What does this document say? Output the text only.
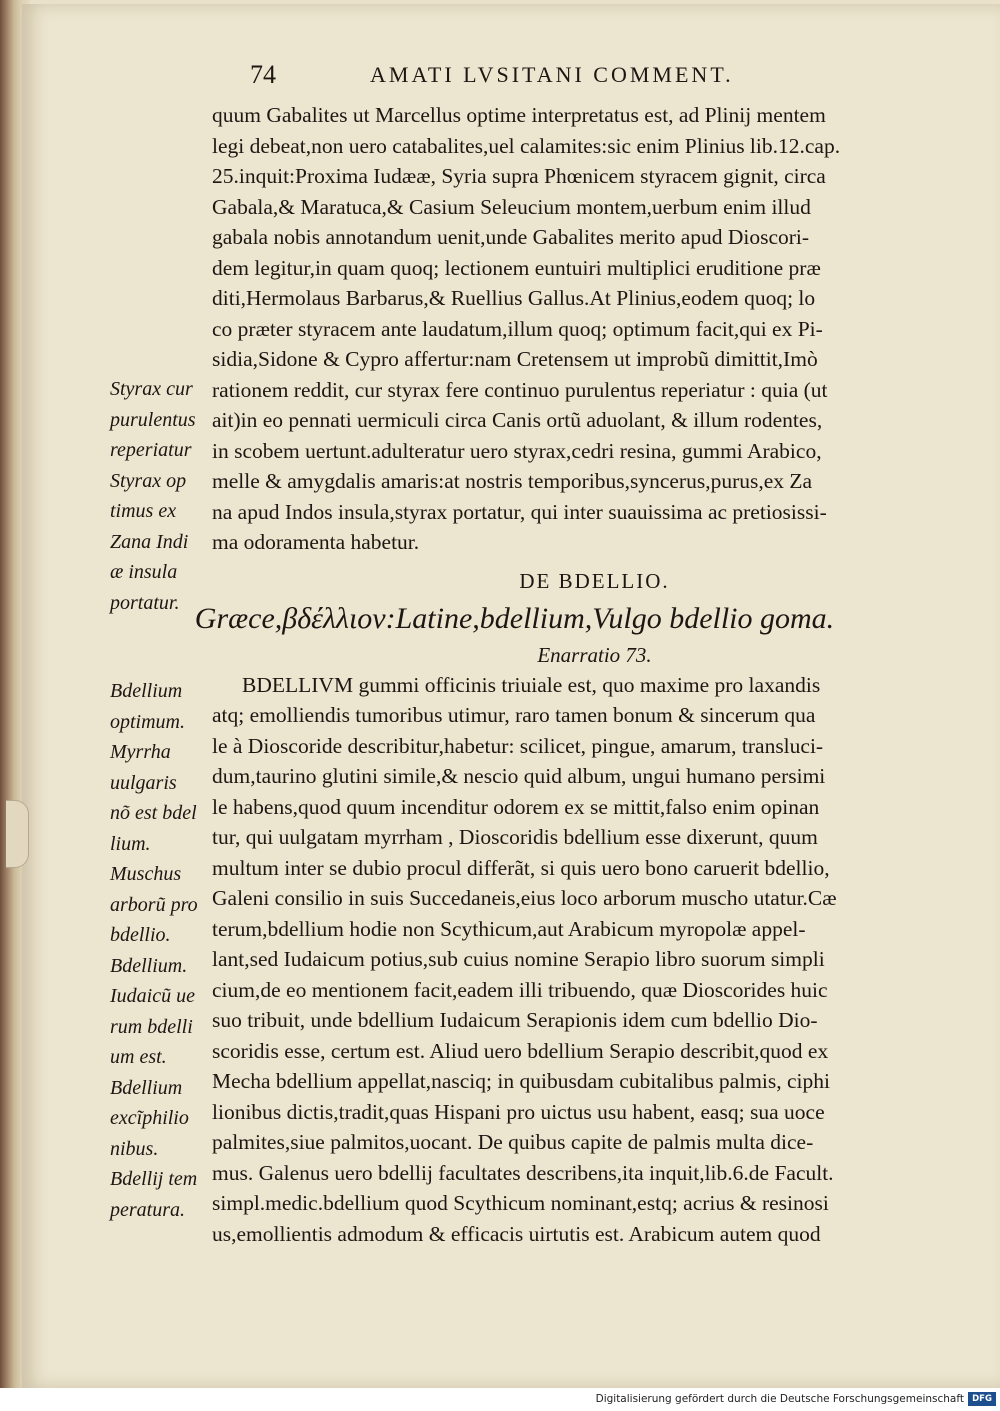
74	AMATI LVSITANI COMMENT.
quum Gabalites ut Marcellus optime interpretatus est, ad Plinij mentem
legi debeat,non uero catabalites,uel calamites:sic enim Plinius lib.12.cap.
25.inquit:Proxima Iudææ, Syria supra Phœnicem styracem gignit, circa
Gabala,& Maratuca,& Casium Seleucium montem,uerbum enim illud
gabala nobis annotandum uenit,unde Gabalites merito apud Dioscori-
dem legitur,in quam quoq; lectionem euntuiri multiplici eruditione præ
diti,Hermolaus Barbarus,& Ruellius Gallus.At Plinius,eodem quoq; lo
co præter styracem ante laudatum,illum quoq; optimum facit,qui ex Pi-
sidia,Sidone & Cypro affertur:nam Cretensem ut improbũ dimittit,Imò
rationem reddit, cur styrax fere continuo purulentus reperiatur : quia (ut
ait)in eo pennati uermiculi circa Canis ortũ aduolant, & illum rodentes,
in scobem uertunt.adulteratur uero styrax,cedri resina, gummi Arabico,
melle & amygdalis amaris:at nostris temporibus,syncerus,purus,ex Za
na apud Indos insula,styrax portatur, qui inter suauissima ac pretiosissi-
ma odoramenta habetur.
DE BDELLIO.
Græce,βδέλλιον:Latine,bdellium,Vulgo bdellio goma.
Enarratio 73.
BDELLIVM gummi officinis triuiale est, quo maxime pro laxandis
atq; emolliendis tumoribus utimur, raro tamen bonum & sincerum qua
le à Dioscoride describitur,habetur: scilicet, pingue, amarum, transluci-
dum,taurino glutini simile,& nescio quid album, ungui humano persimi
le habens,quod quum incenditur odorem ex se mittit,falso enim opinan
tur, qui uulgatam myrrham , Dioscoridis bdellium esse dixerunt, quum
multum inter se dubio procul differãt, si quis uero bono caruerit bdellio,
Galeni consilio in suis Succedaneis,eius loco arborum muscho utatur.Cæ
terum,bdellium hodie non Scythicum,aut Arabicum myropolæ appel-
lant,sed Iudaicum potius,sub cuius nomine Serapio libro suorum simpli
cium,de eo mentionem facit,eadem illi tribuendo, quæ Dioscorides huic
suo tribuit, unde bdellium Iudaicum Serapionis idem cum bdellio Dio-
scoridis esse, certum est. Aliud uero bdellium Serapio describit,quod ex
Mecha bdellium appellat,nasciq; in quibusdam cubitalibus palmis, ciphi
lionibus dictis,tradit,quas Hispani pro uictus usu habent, easq; sua uoce
palmites,siue palmitos,uocant. De quibus capite de palmis multa dice-
mus. Galenus uero bdellij facultates describens,ita inquit,lib.6.de Facult.
simpl.medic.bdellium quod Scythicum nominant,estq; acrius & resinosi
us,emollientis admodum & efficacis uirtutis est. Arabicum autem quod
Styrax cur
purulentus
reperiatur
Styrax op
timus ex
Zana Indi
æ insula
portatur.
Bdellium
optimum.
Myrrha
uulgaris
nõ est bdel
lium.
Muschus
arborũ pro
bdellio.
Bdellium.
Iudaicũ ue
rum bdelli
um est.
Bdellium
excĩphilio
nibus.
Bdellij tem
peratura.
Digitalisierung gefördert durch die Deutsche Forschungsgemeinschaft DFG
